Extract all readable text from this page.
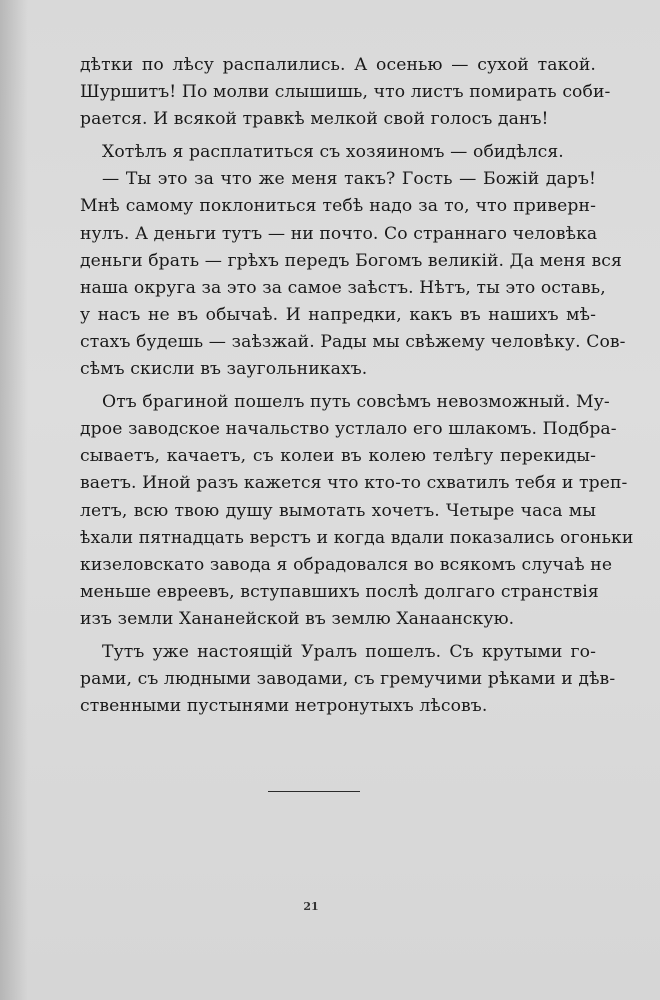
дѣтки по лѣсу распалились. А осенью — сухой такой.
Шуршитъ! По молви слышишь, что листъ помирать соби-
рается. И всякой травкѣ мелкой свой голосъ данъ!
Хотѣлъ я расплатиться съ хозяиномъ — обидѣлся.
— Ты это за что же меня такъ? Гость — Божій даръ!
Мнѣ самому поклониться тебѣ надо за то, что приверн-
нулъ. А деньги тутъ — ни почто. Со страннаго человѣка
деньги брать — грѣхъ передъ Богомъ великій. Да меня вся
наша округа за это за самое заѣстъ. Нѣтъ, ты это оставь,
у насъ не въ обычаѣ. И напредки, какъ въ нашихъ мѣ-
стахъ будешь — заѣзжай. Рады мы свѣжему человѣку. Сов-
сѣмъ скисли въ заугольникахъ.
Отъ брагиной пошелъ путь совсѣмъ невозможный. Му-
дрое заводское начальство устлало его шлакомъ. Подбра-
сываетъ, качаетъ, съ колеи въ колею телѣгу перекиды-
ваетъ. Иной разъ кажется что кто-то схватилъ тебя и треп-
летъ, всю твою душу вымотать хочетъ. Четыре часа мы
ѣхали пятнадцать верстъ и когда вдали показались огоньки
кизеловскато завода я обрадовался во всякомъ случаѣ не
меньше евреевъ, вступавшихъ послѣ долгаго странствія
изъ земли Хананейской въ землю Ханаанскую.
Тутъ уже настоящій Уралъ пошелъ. Съ крутыми го-
рами, съ людными заводами, съ гремучими рѣками и дѣв-
ственными пустынями нетронутыхъ лѣсовъ.
21
